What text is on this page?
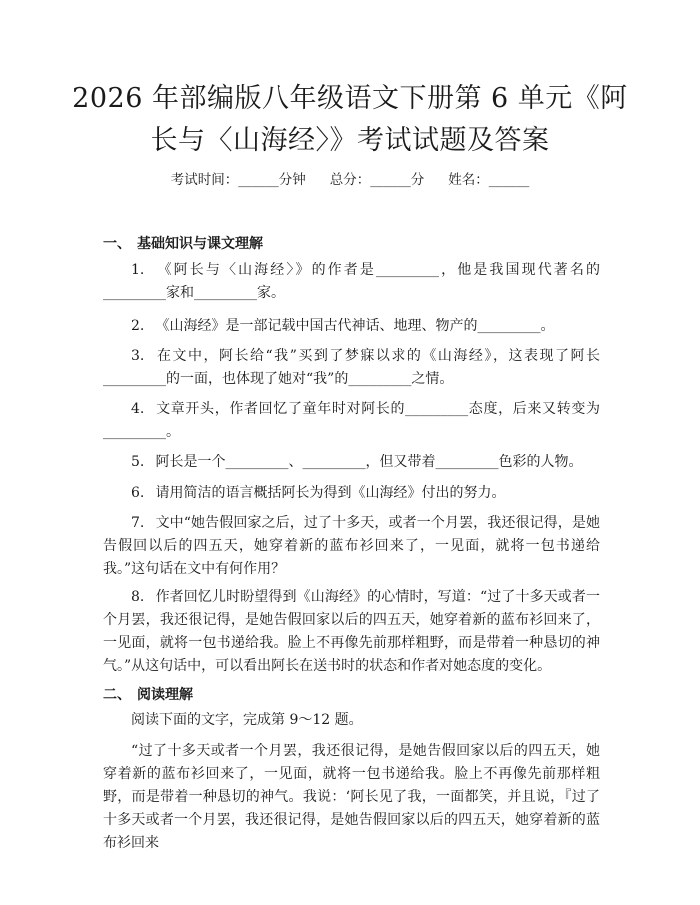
2026 年部编版八年级语文下册第 6 单元《阿
长与〈山海经〉》考试试题及答案
考试时间：______分钟 总分：______分 姓名：______
一、 基础知识与课文理解
1. 《阿长与〈山海经〉》的作者是_________，他是我国现代著名的_________家和_________家。
2. 《山海经》是一部记载中国古代神话、地理、物产的_________。
3. 在文中，阿长给“我”买到了梦寐以求的《山海经》，这表现了阿长_________的一面，也体现了她对“我”的_________之情。
4. 文章开头，作者回忆了童年时对阿长的_________态度，后来又转变为_________。
5. 阿长是一个_________、_________，但又带着_________色彩的人物。
6. 请用简洁的语言概括阿长为得到《山海经》付出的努力。
7. 文中“她告假回家之后，过了十多天，或者一个月罢，我还很记得，是她告假回以后的四五天，她穿着新的蓝布衫回来了，一见面，就将一包书递给我。”这句话在文中有何作用？
8. 作者回忆儿时盼望得到《山海经》的心情时，写道：“过了十多天或者一个月罢，我还很记得，是她告假回家以后的四五天，她穿着新的蓝布衫回来了，一见面，就将一包书递给我。脸上不再像先前那样粗野，而是带着一种恳切的神气。”从这句话中，可以看出阿长在送书时的状态和作者对她态度的变化。
二、 阅读理解
阅读下面的文字，完成第 9～12 题。
“过了十多天或者一个月罢，我还很记得，是她告假回家以后的四五天，她穿着新的蓝布衫回来了，一见面，就将一包书递给我。脸上不再像先前那样粗野，而是带着一种恳切的神气。我说：‘阿长见了我，一面都笑，并且说，『过了十多天或者一个月罢，我还很记得，是她告假回家以后的四五天，她穿着新的蓝布衫回来
